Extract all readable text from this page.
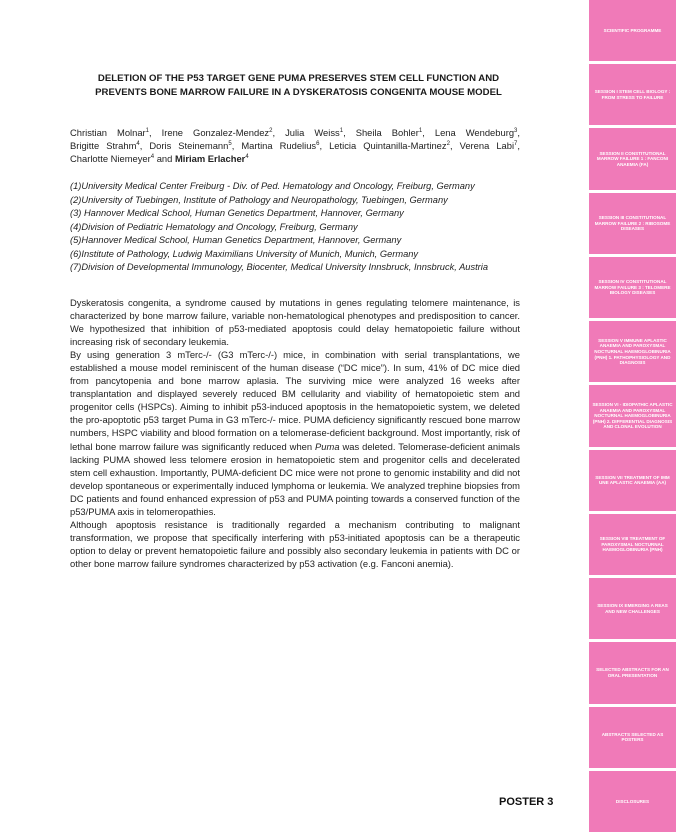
DELETION OF THE P53 TARGET GENE PUMA PRESERVES STEM CELL FUNCTION AND
PREVENTS BONE MARROW FAILURE IN A DYSKERATOSIS CONGENITA MOUSE MODEL
Christian Molnar$^1$, Irene Gonzalez-Mendez$^2$, Julia Weiss$^1$, Sheila Bohler$^1$, Lena Wendeburg$^3$, Brigitte Strahm$^4$, Doris Steinemann$^5$, Martina Rudelius$^6$, Leticia Quintanilla-Martinez$^2$, Verena Labi$^7$, Charlotte Niemeyer$^4$ and Miriam Erlacher$^4$
(1)University Medical Center Freiburg - Div. of Ped. Hematology and Oncology, Freiburg, Germany
(2)University of Tuebingen, Institute of Pathology and Neuropathology, Tuebingen, Germany
(3) Hannover Medical School, Human Genetics Department, Hannover, Germany
(4)Division of Pediatric Hematology and Oncology, Freiburg, Germany
(5)Hannover Medical School, Human Genetics Department, Hannover, Germany
(6)Institute of Pathology, Ludwig Maximilians University of Munich, Munich, Germany
(7)Division of Developmental Immunology, Biocenter, Medical University Innsbruck, Innsbruck, Austria

Dyskeratosis congenita, a syndrome caused by mutations in genes regulating telomere maintenance, is characterized by bone marrow failure, variable non-hematological phenotypes and predisposition to cancer. We hypothesized that inhibition of p53-mediated apoptosis could delay hematopoietic failure without increasing risk of secondary leukemia.

By using generation 3 mTerc-/- (G3 mTerc-/-) mice, in combination with serial transplantations, we established a mouse model reminiscent of the human disease (“DC mice”). In sum, 41% of DC mice died from pancytopenia and bone marrow aplasia. The surviving mice were analyzed 16 weeks after transplantation and displayed severely reduced BM cellularity and viability of hematopoietic stem and progenitor cells (HSPCs). Aiming to inhibit p53-induced apoptosis in the hematopoietic system, we deleted the pro-apoptotic p53 target Puma in G3 mTerc-/- mice. PUMA deficiency significantly rescued bone marrow numbers, HSPC viability and blood formation on a telomerase-deficient background. Most importantly, risk of lethal bone marrow failure was significantly reduced when Puma was deleted. Telomerase-deficient animals lacking PUMA showed less telomere erosion in hematopoietic stem and progenitor cells and decelerated stem cell exhaustion. Importantly, PUMA-deficient DC mice were not prone to genomic instability and did not develop spontaneous or experimentally induced lymphoma or leukemia. We analyzed trephine biopsies from DC patients and found enhanced expression of p53 and PUMA pointing towards a conserved function of the p53/PUMA axis in telomeropathies.

Although apoptosis resistance is traditionally regarded a mechanism contributing to malignant transformation, we propose that specifically interfering with p53-initiated apoptosis can be a therapeutic option to delay or prevent hematopoietic failure and possibly also secondary leukemia in patients with DC or other bone marrow failure syndromes characterized by p53 activation (e.g. Fanconi anemia).

POSTER 3
SCIENTIFIC PROGRAMME
SESSION I STEM CELL BIOLOGY : FROM STRESS TO FAILURE
SESSION II CONSTITUTIONAL MARROW FAILURE 1 : FANCONI ANAEMIA (FA)
SESSION III CONSTITUTIONAL MARROW FAILURE 2 : RIBOSOME DISEASES
SESSION IV CONSTITUTIONAL MARROW FAILURE 3 : TELOMERE BIOLOGY DISEASES
SESSION V IMMUNE APLASTIC ANAEMIA AND PAROXYSMAL NOCTURNAL HAEMOGLOBINURIA (PNH) 1. PATHOPHYSIOLOGY AND DIAGNOSIS
SESSION VI - IDIOPATHIC APLASTIC ANAEMIA AND PAROXYSMAL NOCTURNAL HAEMOGLOBINURIA (PNH) 2. DIFFERENTIAL DIAGNOSIS AND CLONAL EVOLUTION
SESSION VII TREATMENT OF IMM UNE APLASTIC ANAEMIA (AA)
SESSION VIII TREATMENT OF PAROXYSMAL NOCTURNAL HAEMOGLOBINURIA (PNH)
SESSION IX EMERGING A REAS AND NEW CHALLENGES
SELECTED ABSTRACTS FOR AN ORAL PRESENTATION
ABSTRACTS SELECTED AS POSTERS
DISCLOSURES
